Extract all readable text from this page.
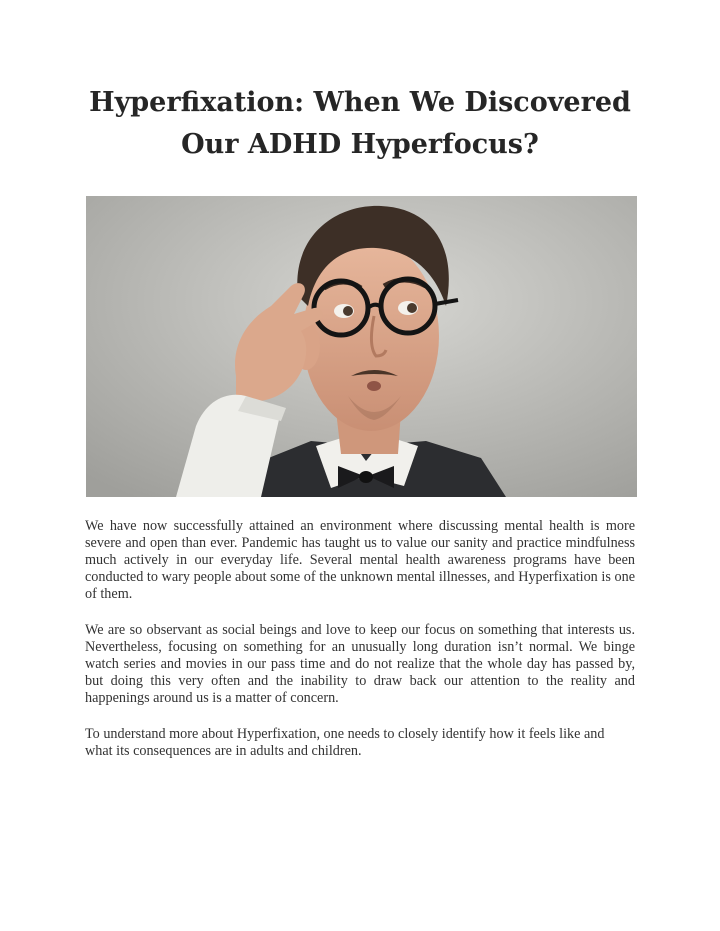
Hyperfixation: When We Discovered
Our ADHD Hyperfocus?

We have now successfully attained an environment where discussing mental health is more severe and open than ever. Pandemic has taught us to value our sanity and practice mindfulness much actively in our everyday life. Several mental health awareness programs have been conducted to wary people about some of the unknown mental illnesses, and Hyperfixation is one of them.

We are so observant as social beings and love to keep our focus on something that interests us. Nevertheless, focusing on something for an unusually long duration isn’t normal. We binge watch series and movies in our pass time and do not realize that the whole day has passed by, but doing this very often and the inability to draw back our attention to the reality and happenings around us is a matter of concern.

To understand more about Hyperfixation, one needs to closely identify how it feels like and what its consequences are in adults and children.
